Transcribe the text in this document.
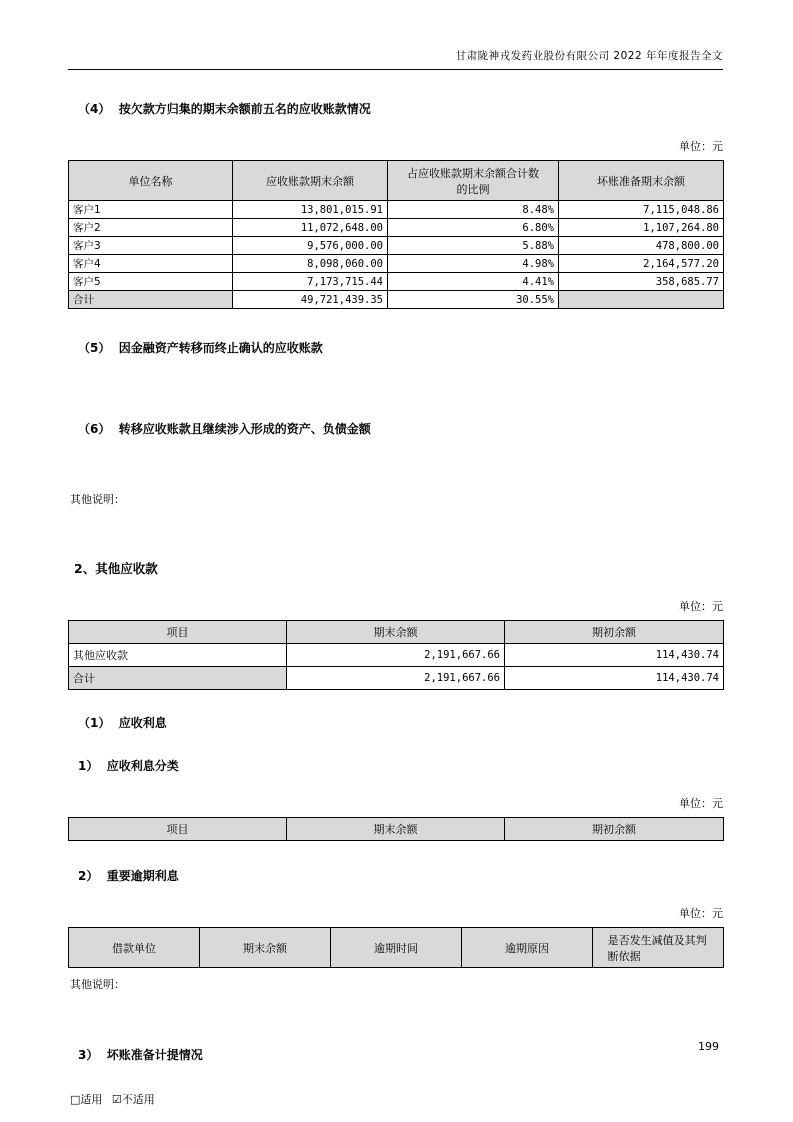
甘肃陇神戎发药业股份有限公司 2022 年年度报告全文
（4）  按欠款方归集的期末余额前五名的应收账款情况
单位：元
单位名称	应收账款期末余额	占应收账款期末余额合计数的比例	坏账准备期末余额
客户1	13,801,015.91	8.48%	7,115,048.86
客户2	11,072,648.00	6.80%	1,107,264.80
客户3	9,576,000.00	5.88%	478,800.00
客户4	8,098,060.00	4.98%	2,164,577.20
客户5	7,173,715.44	4.41%	358,685.77
合计	49,721,439.35	30.55%	
（5）  因金融资产转移而终止确认的应收账款
（6）  转移应收账款且继续涉入形成的资产、负债金额
其他说明：
2、其他应收款
单位：元
项目	期末余额	期初余额
其他应收款	2,191,667.66	114,430.74
合计	2,191,667.66	114,430.74
（1）  应收利息
1）  应收利息分类
单位：元
项目	期末余额	期初余额
2）  重要逾期利息
单位：元
借款单位	期末余额	逾期时间	逾期原因	是否发生减值及其判断依据
其他说明：
3）  坏账准备计提情况
□适用 ☑不适用
199
